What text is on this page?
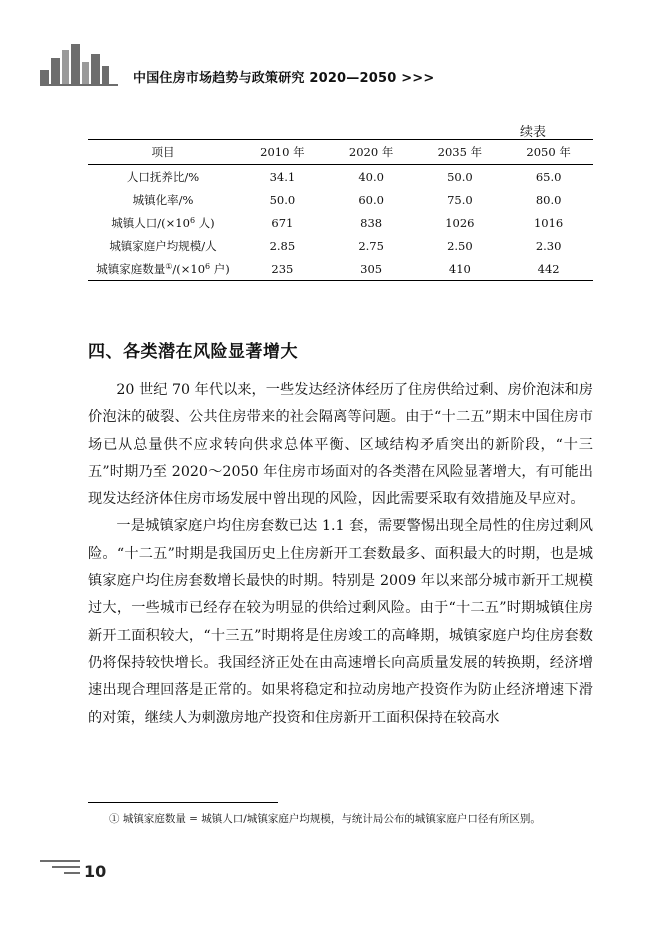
中国住房市场趋势与政策研究 2020—2050 >>>
续表
项目	2010 年	2020 年	2035 年	2050 年
人口抚养比/%	34.1	40.0	50.0	65.0
城镇化率/%	50.0	60.0	75.0	80.0
城镇人口$/(\times 10^6$ 人)	671	838	1026	1016
城镇家庭户均规模/人	2.85	2.75	2.50	2.30
城镇家庭数量$^①/(\times 10^6$ 户)	235	305	410	442
四、各类潜在风险显著增大

20 世纪 70 年代以来，一些发达经济体经历了住房供给过剩、房价泡沫和房价泡沫的破裂、公共住房带来的社会隔离等问题。由于“十二五”期末中国住房市场已从总量供不应求转向供求总体平衡、区域结构矛盾突出的新阶段，“十三五”时期乃至 2020～2050 年住房市场面对的各类潜在风险显著增大，有可能出现发达经济体住房市场发展中曾出现的风险，因此需要采取有效措施及早应对。

一是城镇家庭户均住房套数已达 1.1 套，需要警惕出现全局性的住房过剩风险。“十二五”时期是我国历史上住房新开工套数最多、面积最大的时期，也是城镇家庭户均住房套数增长最快的时期。特别是 2009 年以来部分城市新开工规模过大，一些城市已经存在较为明显的供给过剩风险。由于“十二五”时期城镇住房新开工面积较大，“十三五”时期将是住房竣工的高峰期，城镇家庭户均住房套数仍将保持较快增长。我国经济正处在由高速增长向高质量发展的转换期，经济增速出现合理回落是正常的。如果将稳定和拉动房地产投资作为防止经济增速下滑的对策，继续人为刺激房地产投资和住房新开工面积保持在较高水

① 城镇家庭数量 = 城镇人口/城镇家庭户均规模，与统计局公布的城镇家庭户口径有所区别。
10
